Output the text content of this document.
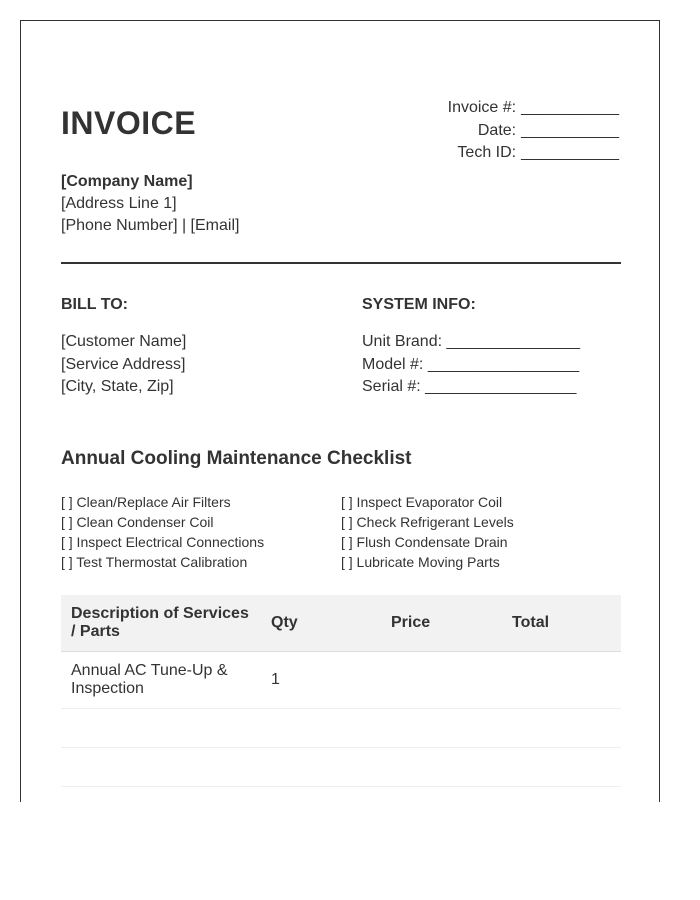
INVOICE	Invoice #: ___________
Date: ___________
Tech ID: ___________
[Company Name]
[Address Line 1]
[Phone Number] | [Email]
BILL TO:
[Customer Name]
[Service Address]
[City, State, Zip]
SYSTEM INFO:
Unit Brand: _______________
Model #: _________________
Serial #: _________________
Annual Cooling Maintenance Checklist
[ ] Clean/Replace Air Filters
[ ] Clean Condenser Coil
[ ] Inspect Electrical Connections
[ ] Test Thermostat Calibration
[ ] Inspect Evaporator Coil
[ ] Check Refrigerant Levels
[ ] Flush Condensate Drain
[ ] Lubricate Moving Parts
Description of Services / Parts	Qty	Price	Total
Annual AC Tune-Up & Inspection	1		
